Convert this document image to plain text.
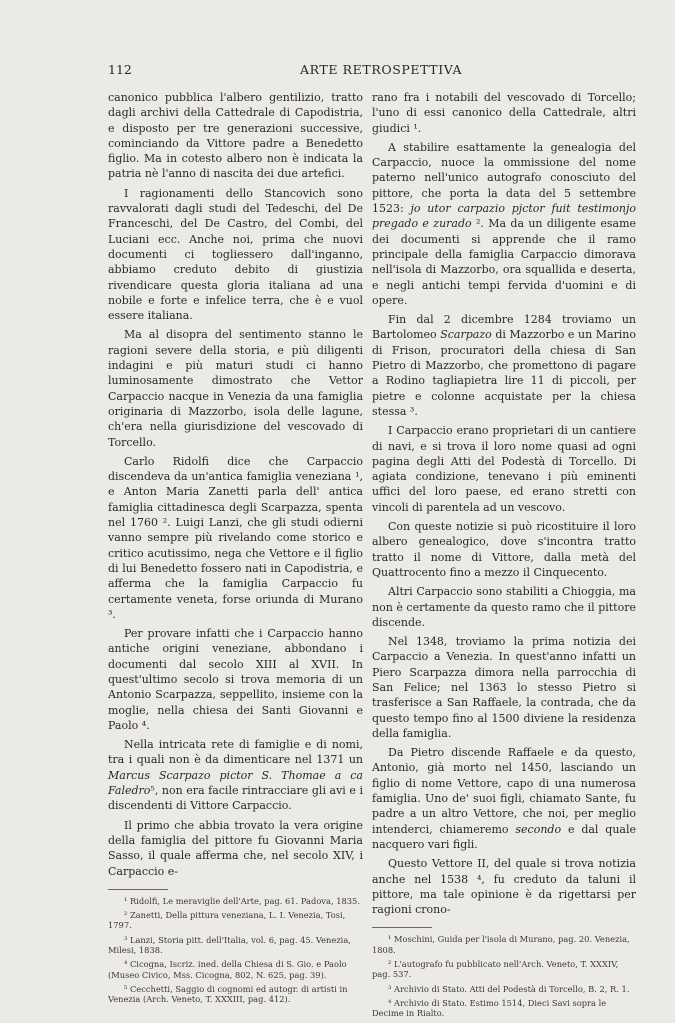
112	ARTE RETROSPETTIVA

canonico pubblica l'albero gentilizio, tratto dagli archivi della Cattedrale di Capodistria, e disposto per tre generazioni successive, cominciando da Vittore padre a Benedetto figlio. Ma in cotesto albero non è indicata la patria nè l'anno di nascita dei due artefici.

I ragionamenti dello Stancovich sono ravvalorati dagli studi del Tedeschi, del De Franceschi, del De Castro, del Combi, del Luciani ecc. Anche noi, prima che nuovi documenti ci togliessero dall'inganno, abbiamo creduto debito di giustizia rivendicare questa gloria italiana ad una nobile e forte e infelice terra, che è e vuol essere italiana.

Ma al disopra del sentimento stanno le ragioni severe della storia, e più diligenti indagini e più maturi studi ci hanno luminosamente dimostrato che Vettor Carpaccio nacque in Venezia da una famiglia originaria di Mazzorbo, isola delle lagune, ch'era nella giurisdizione del vescovado di Torcello.

Carlo Ridolfi dice che Carpaccio discendeva da un'antica famiglia veneziana ¹, e Anton Maria Zanetti parla dell' antica famiglia cittadinesca degli Scarpazza, spenta nel 1760 ². Luigi Lanzi, che gli studi odierni vanno sempre più rivelando come storico e critico acutissimo, nega che Vettore e il figlio di lui Benedetto fossero nati in Capodistria, e afferma che la famiglia Carpaccio fu certamente veneta, forse oriunda di Murano ³.

Per provare infatti che i Carpaccio hanno antiche origini veneziane, abbondano i documenti dal secolo XIII al XVII. In quest'ultimo secolo si trova memoria di un Antonio Scarpazza, seppellito, insieme con la moglie, nella chiesa dei Santi Giovanni e Paolo ⁴.

Nella intricata rete di famiglie e di nomi, tra i quali non è da dimenticare nel 1371 un Marcus Scarpazo pictor S. Thomae a ca Faledro⁵, non era facile rintracciare gli avi e i discendenti di Vittore Carpaccio.

Il primo che abbia trovato la vera origine della famiglia del pittore fu Giovanni Maria Sasso, il quale afferma che, nel secolo XIV, i Carpaccio e-

¹ Ridolfi, Le meraviglie dell'Arte, pag. 61. Padova, 1835.

² Zanetti, Della pittura veneziana, L. I. Venezia, Tosi, 1797.

³ Lanzi, Storia pitt. dell'Italia, vol. 6, pag. 45. Venezia, Milesi, 1838.

⁴ Cicogna, Iscriz. ined. della Chiesa di S. Gio. e Paolo (Museo Civico, Mss. Cicogna, 802, N. 625, pag. 39).

⁵ Cecchetti, Saggio di cognomi ed autogr. di artisti in Venezia (Arch. Veneto, T. XXXIII, pag. 412).

rano fra i notabili del vescovado di Torcello; l'uno di essi canonico della Cattedrale, altri giudici ¹.

A stabilire esattamente la genealogia del Carpaccio, nuoce la ommissione del nome paterno nell'unico autografo conosciuto del pittore, che porta la data del 5 settembre 1523: jo utor carpazio pjctor fuit testimonjo pregado e zurado ². Ma da un diligente esame dei documenti si apprende che il ramo principale della famiglia Carpaccio dimorava nell'isola di Mazzorbo, ora squallida e deserta, e negli antichi tempi fervida d'uomini e di opere.

Fin dal 2 dicembre 1284 troviamo un Bartolomeo Scarpazo di Mazzorbo e un Marino di Frison, procuratori della chiesa di San Pietro di Mazzorbo, che promettono di pagare a Rodino tagliapietra lire 11 di piccoli, per pietre e colonne acquistate per la chiesa stessa ³.

I Carpaccio erano proprietari di un cantiere di navi, e si trova il loro nome quasi ad ogni pagina degli Atti del Podestà di Torcello. Di agiata condizione, tenevano i più eminenti uffici del loro paese, ed erano stretti con vincoli di parentela ad un vescovo.

Con queste notizie si può ricostituire il loro albero genealogico, dove s'incontra tratto tratto il nome di Vittore, dalla metà del Quattrocento fino a mezzo il Cinquecento.

Altri Carpaccio sono stabiliti a Chioggia, ma non è certamente da questo ramo che il pittore discende.

Nel 1348, troviamo la prima notizia dei Carpaccio a Venezia. In quest'anno infatti un Piero Scarpazza dimora nella parrocchia di San Felice; nel 1363 lo stesso Pietro si trasferisce a San Raffaele, la contrada, che da questo tempo fino al 1500 diviene la residenza della famiglia.

Da Pietro discende Raffaele e da questo, Antonio, già morto nel 1450, lasciando un figlio di nome Vettore, capo di una numerosa famiglia. Uno de' suoi figli, chiamato Sante, fu padre a un altro Vettore, che noi, per meglio intenderci, chiameremo secondo e dal quale nacquero vari figli.

Questo Vettore II, del quale si trova notizia anche nel 1538 ⁴, fu creduto da taluni il pittore, ma tale opinione è da rigettarsi per ragioni crono-

¹ Moschini, Guida per l'isola di Murano, pag. 20. Venezia, 1808.

² L'autografo fu pubblicato nell'Arch. Veneto, T. XXXIV, pag. 537.

³ Archivio di Stato. Atti del Podestà di Torcello, B. 2, R. 1.

⁴ Archivio di Stato. Estimo 1514, Dieci Savi sopra le Decime in Rialto.
